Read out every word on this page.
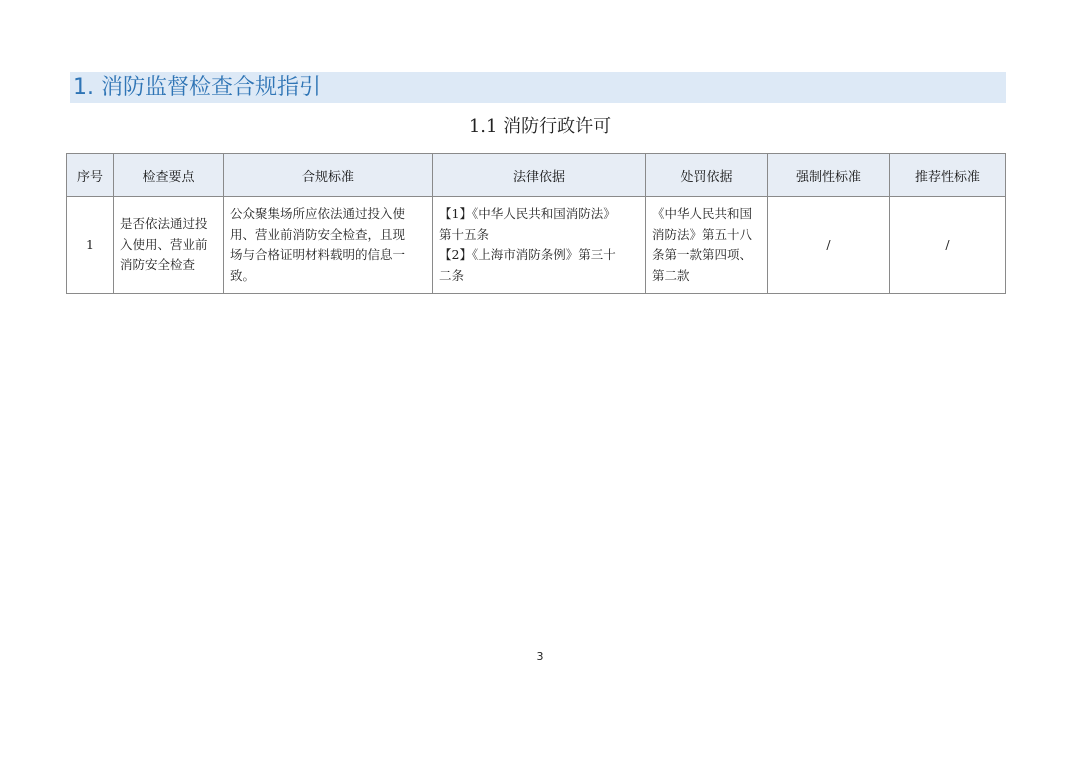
1. 消防监督检查合规指引
1.1 消防行政许可
序号	检查要点	合规标准	法律依据	处罚依据	强制性标准	推荐性标准
1	是否依法通过投
入使用、营业前
消防安全检查	公众聚集场所应依法通过投入使
用、营业前消防安全检查，且现
场与合格证明材料载明的信息一
致。	【1】《中华人民共和国消防法》
第十五条
【2】《上海市消防条例》第三十
二条	《中华人民共和国
消防法》第五十八
条第一款第四项、
第二款	/	/
3
